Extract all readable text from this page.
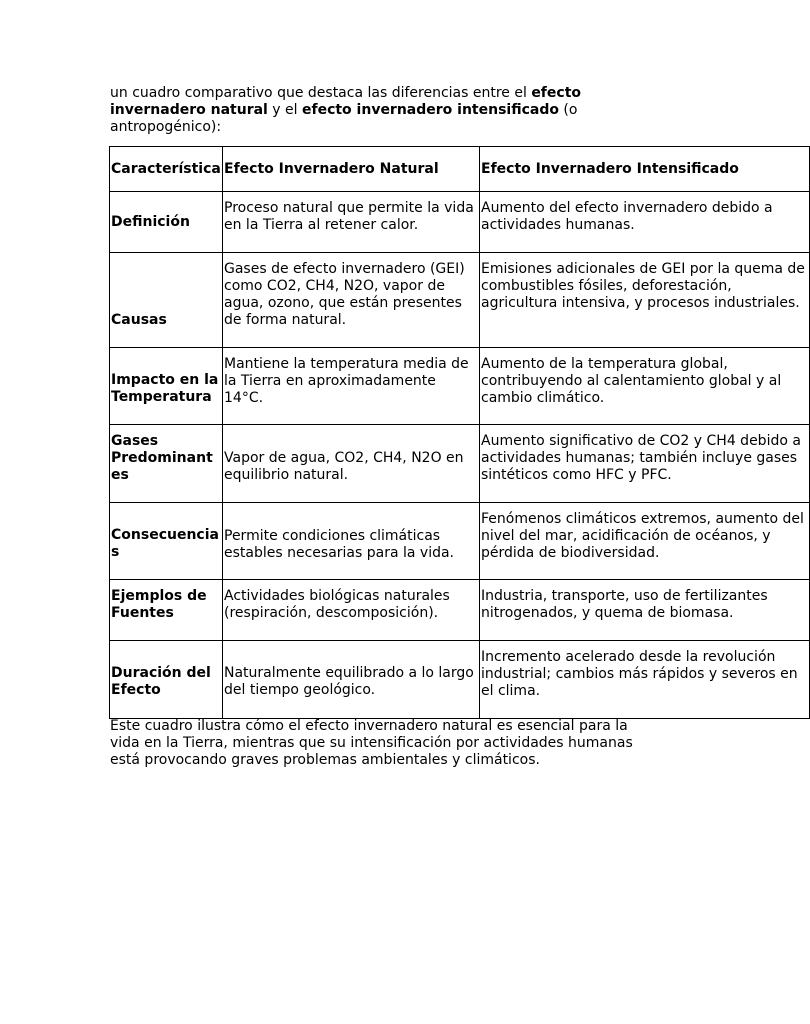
un cuadro comparativo que destaca las diferencias entre el efecto invernadero natural y el efecto invernadero intensificado (o antropogénico):

Característica	Efecto Invernadero Natural	Efecto Invernadero Intensificado
Definición	Proceso natural que permite la vida en la Tierra al retener calor.	Aumento del efecto invernadero debido a actividades humanas.
Causas	Gases de efecto invernadero (GEI) como CO2, CH4, N2O, vapor de agua, ozono, que están presentes de forma natural.	Emisiones adicionales de GEI por la quema de combustibles fósiles, deforestación, agricultura intensiva, y procesos industriales.
Impacto en la Temperatura	Mantiene la temperatura media de la Tierra en aproximadamente 14°C.	Aumento de la temperatura global, contribuyendo al calentamiento global y al cambio climático.
Gases Predominantes	Vapor de agua, CO2, CH4, N2O en equilibrio natural.	Aumento significativo de CO2 y CH4 debido a actividades humanas; también incluye gases sintéticos como HFC y PFC.
Consecuencias	Permite condiciones climáticas estables necesarias para la vida.	Fenómenos climáticos extremos, aumento del nivel del mar, acidificación de océanos, y pérdida de biodiversidad.
Ejemplos de Fuentes	Actividades biológicas naturales (respiración, descomposición).	Industria, transporte, uso de fertilizantes nitrogenados, y quema de biomasa.
Duración del Efecto	Naturalmente equilibrado a lo largo del tiempo geológico.	Incremento acelerado desde la revolución industrial; cambios más rápidos y severos en el clima.

Este cuadro ilustra cómo el efecto invernadero natural es esencial para la vida en la Tierra, mientras que su intensificación por actividades humanas está provocando graves problemas ambientales y climáticos.
